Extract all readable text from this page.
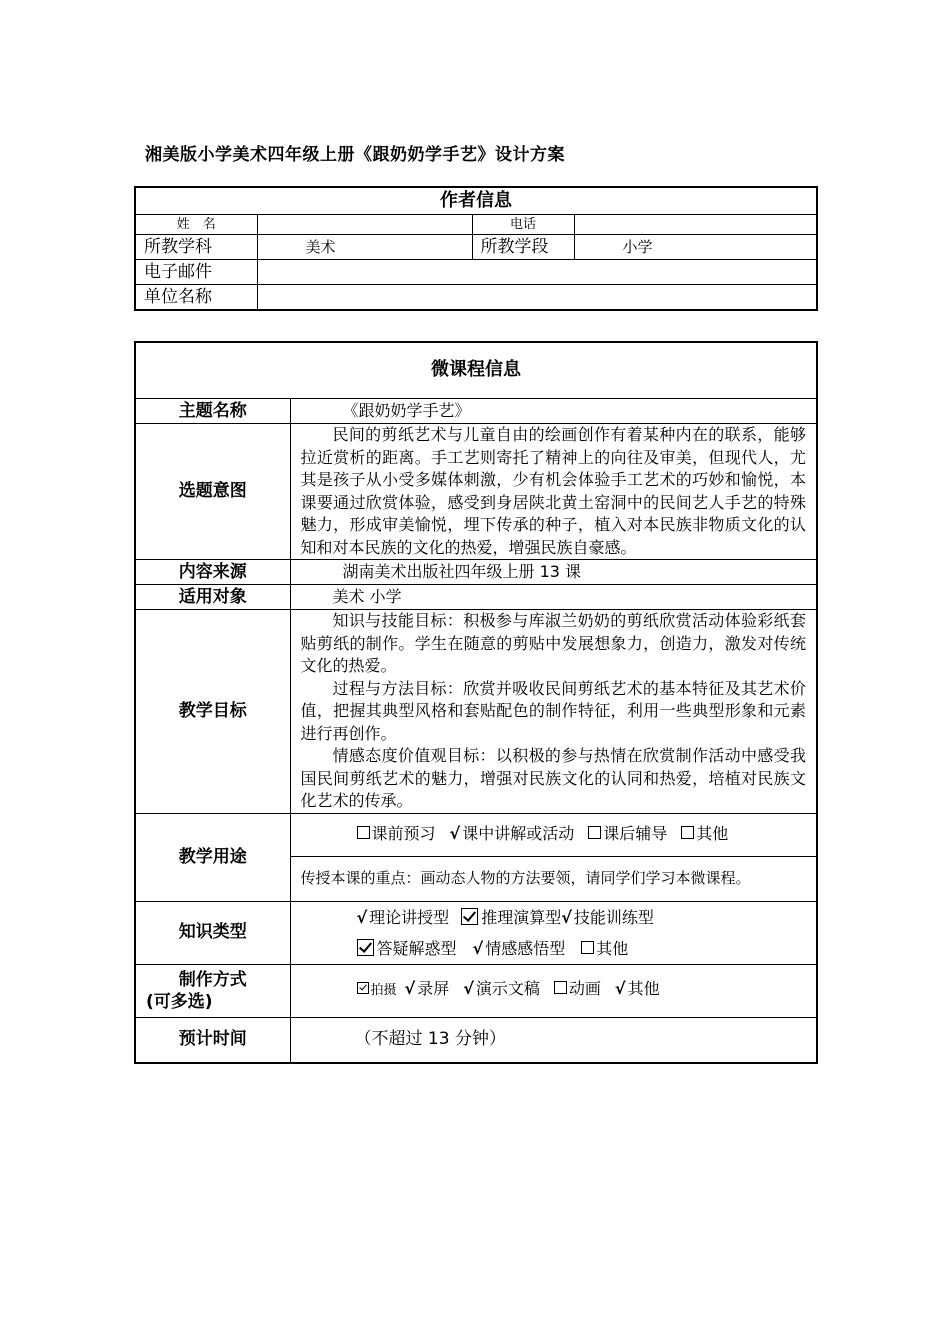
湘美版小学美术四年级上册《跟奶奶学手艺》设计方案
作者信息			
姓　名		电话	
所教学科	美术	所教学段	小学
电子邮件			
单位名称			
微课程信息	
主题名称	《跟奶奶学手艺》
选题意图	民间的剪纸艺术与儿童自由的绘画创作有着某种内在的联系，能够拉近赏析的距离。手工艺则寄托了精神上的向往及审美，但现代人，尤其是孩子从小受多媒体刺激，少有机会体验手工艺术的巧妙和愉悦，本课要通过欣赏体验，感受到身居陕北黄土窑洞中的民间艺人手艺的特殊魅力，形成审美愉悦，埋下传承的种子，植入对本民族非物质文化的认知和对本民族的文化的热爱，增强民族自豪感。

内容来源	湖南美术出版社四年级上册 13 课
适用对象	美术 小学
教学目标	知识与技能目标：积极参与库淑兰奶奶的剪纸欣赏活动体验彩纸套贴剪纸的制作。学生在随意的剪贴中发展想象力，创造力，激发对传统文化的热爱。

过程与方法目标：欣赏并吸收民间剪纸艺术的基本特征及其艺术价值，把握其典型风格和套贴配色的制作特征，利用一些典型形象和元素进行再创作。

情感态度价值观目标：以积极的参与热情在欣赏制作活动中感受我国民间剪纸艺术的魅力，增强对民族文化的认同和热爱，培植对民族文化艺术的传承。

教学用途	课前预习 √ 课中讲解或活动 课后辅导 其他
	传授本课的重点：画动态人物的方法要领，请同学们学习本微课程。
知识类型	√ 理论讲授型 推理演算型√ 技能训练型
答疑解惑型 √ 情感感悟型 其他

制作方式
(可多选)	拍摄 √ 录屏 √ 演示文稿 动画 √ 其他
预计时间	（不超过 13 分钟）
